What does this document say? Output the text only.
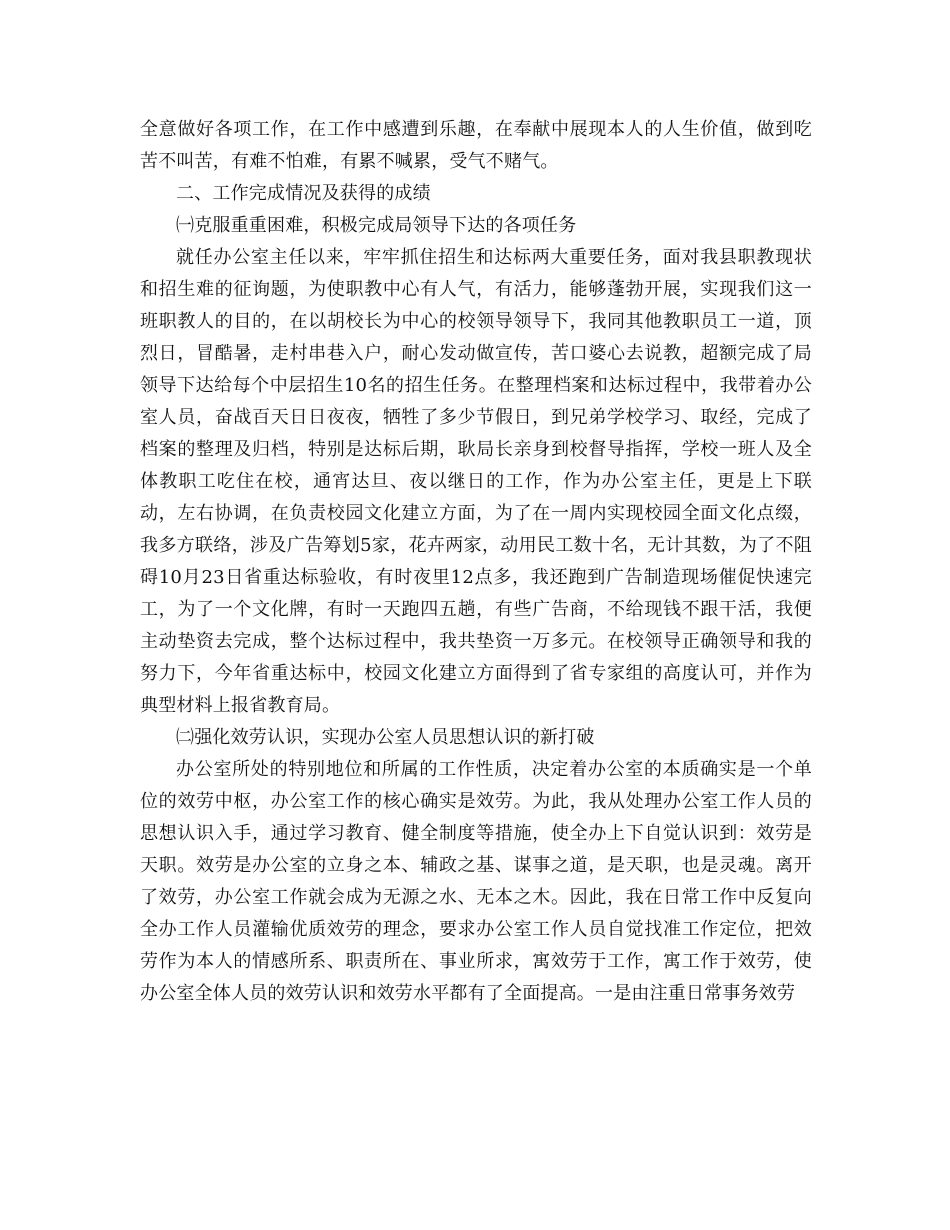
全意做好各项工作，在工作中感遭到乐趣，在奉献中展现本人的人生价值，做到吃苦不叫苦，有难不怕难，有累不喊累，受气不赌气。

二、工作完成情况及获得的成绩

㈠克服重重困难，积极完成局领导下达的各项任务

就任办公室主任以来，牢牢抓住招生和达标两大重要任务，面对我县职教现状和招生难的征询题，为使职教中心有人气，有活力，能够蓬勃开展，实现我们这一班职教人的目的，在以胡校长为中心的校领导领导下，我同其他教职员工一道，顶烈日，冒酷暑，走村串巷入户，耐心发动做宣传，苦口婆心去说教，超额完成了局领导下达给每个中层招生10名的招生任务。在整理档案和达标过程中，我带着办公室人员，奋战百天日日夜夜，牺牲了多少节假日，到兄弟学校学习、取经，完成了档案的整理及归档，特别是达标后期，耿局长亲身到校督导指挥，学校一班人及全体教职工吃住在校，通宵达旦、夜以继日的工作，作为办公室主任，更是上下联动，左右协调，在负责校园文化建立方面，为了在一周内实现校园全面文化点缀，我多方联络，涉及广告筹划5家，花卉两家，动用民工数十名，无计其数，为了不阻碍10月23日省重达标验收，有时夜里12点多，我还跑到广告制造现场催促快速完工，为了一个文化牌，有时一天跑四五趟，有些广告商，不给现钱不跟干活，我便主动垫资去完成，整个达标过程中，我共垫资一万多元。在校领导正确领导和我的努力下，今年省重达标中，校园文化建立方面得到了省专家组的高度认可，并作为典型材料上报省教育局。

㈡强化效劳认识，实现办公室人员思想认识的新打破

办公室所处的特别地位和所属的工作性质，决定着办公室的本质确实是一个单位的效劳中枢，办公室工作的核心确实是效劳。为此，我从处理办公室工作人员的思想认识入手，通过学习教育、健全制度等措施，使全办上下自觉认识到：效劳是天职。效劳是办公室的立身之本、辅政之基、谋事之道，是天职，也是灵魂。离开了效劳，办公室工作就会成为无源之水、无本之木。因此，我在日常工作中反复向全办工作人员灌输优质效劳的理念，要求办公室工作人员自觉找准工作定位，把效劳作为本人的情感所系、职责所在、事业所求，寓效劳于工作，寓工作于效劳，使办公室全体人员的效劳认识和效劳水平都有了全面提高。一是由注重日常事务效劳
